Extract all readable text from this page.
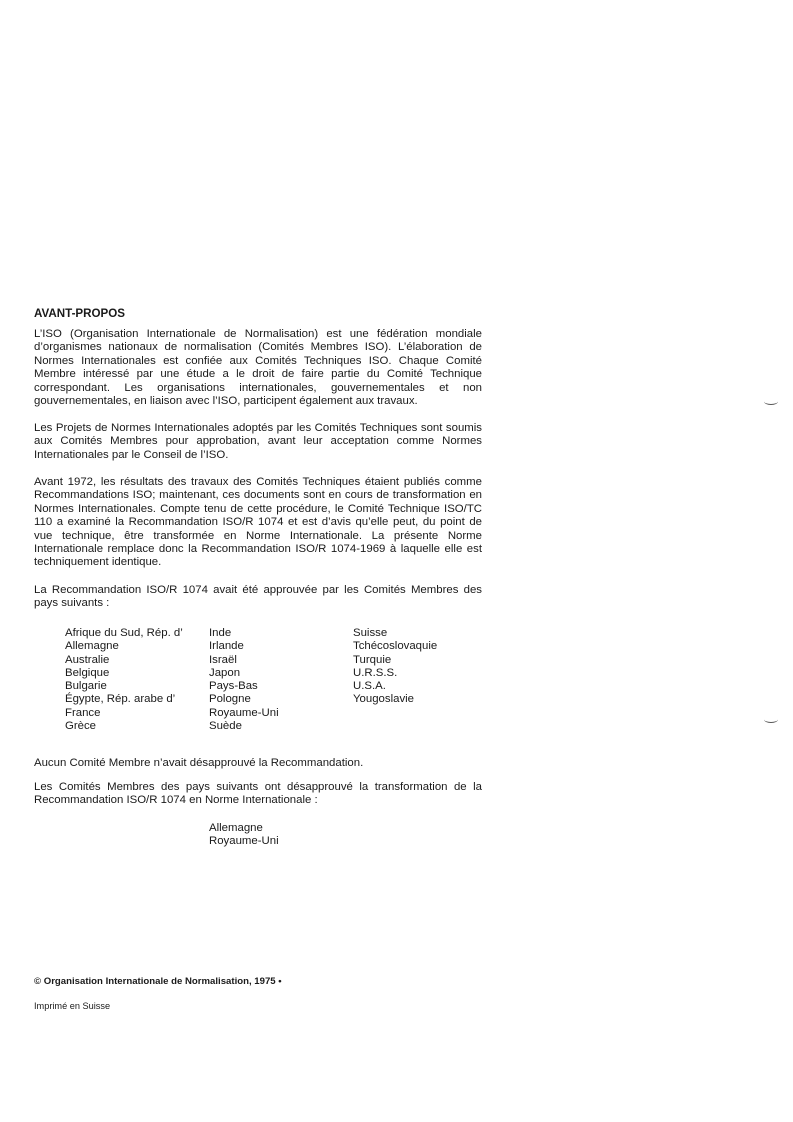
AVANT-PROPOS

L’ISO (Organisation Internationale de Normalisation) est une fédération mondiale d’organismes nationaux de normalisation (Comités Membres ISO). L’élaboration de Normes Internationales est confiée aux Comités Techniques ISO. Chaque Comité Membre intéressé par une étude a le droit de faire partie du Comité Technique correspondant. Les organisations internationales, gouvernementales et non gouvernementales, en liaison avec l’ISO, participent également aux travaux.

Les Projets de Normes Internationales adoptés par les Comités Techniques sont soumis aux Comités Membres pour approbation, avant leur acceptation comme Normes Internationales par le Conseil de l’ISO.

Avant 1972, les résultats des travaux des Comités Techniques étaient publiés comme Recommandations ISO; maintenant, ces documents sont en cours de transformation en Normes Internationales. Compte tenu de cette procédure, le Comité Technique ISO/TC 110 a examiné la Recommandation ISO/R 1074 et est d’avis qu’elle peut, du point de vue technique, être transformée en Norme Internationale. La présente Norme Internationale remplace donc la Recommandation ISO/R 1074-1969 à laquelle elle est techniquement identique.

La Recommandation ISO/R 1074 avait été approuvée par les Comités Membres des pays suivants :

Afrique du Sud, Rép. d’
Allemagne
Australie
Belgique
Bulgarie
Égypte, Rép. arabe d’
France
Grèce
Inde
Irlande
Israël
Japon
Pays-Bas
Pologne
Royaume-Uni
Suède
Suisse
Tchécoslovaquie
Turquie
U.R.S.S.
U.S.A.
Yougoslavie

Aucun Comité Membre n’avait désapprouvé la Recommandation.

Les Comités Membres des pays suivants ont désapprouvé la transformation de la Recommandation ISO/R 1074 en Norme Internationale :

Allemagne
Royaume-Uni
© Organisation Internationale de Normalisation, 1975 •
Imprimé en Suisse
